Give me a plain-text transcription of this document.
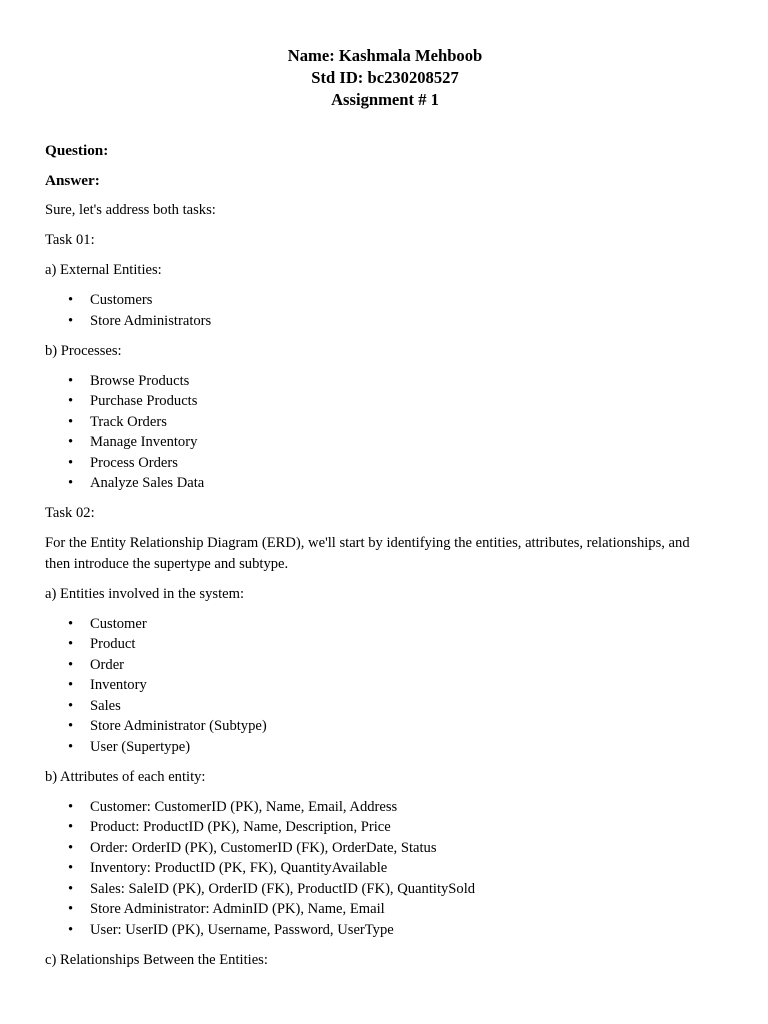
Name: Kashmala Mehboob
Std ID: bc230208527
Assignment # 1
Question:
Answer:

Sure, let's address both tasks:

Task 01:

a) External Entities:

• Customers
• Store Administrators

b) Processes:

• Browse Products
• Purchase Products
• Track Orders
• Manage Inventory
• Process Orders
• Analyze Sales Data

Task 02:

For the Entity Relationship Diagram (ERD), we'll start by identifying the entities, attributes, relationships, and then introduce the supertype and subtype.

a) Entities involved in the system:

• Customer
• Product
• Order
• Inventory
• Sales
• Store Administrator (Subtype)
• User (Supertype)

b) Attributes of each entity:

• Customer: CustomerID (PK), Name, Email, Address
• Product: ProductID (PK), Name, Description, Price
• Order: OrderID (PK), CustomerID (FK), OrderDate, Status
• Inventory: ProductID (PK, FK), QuantityAvailable
• Sales: SaleID (PK), OrderID (FK), ProductID (FK), QuantitySold
• Store Administrator: AdminID (PK), Name, Email
• User: UserID (PK), Username, Password, UserType

c) Relationships Between the Entities:
